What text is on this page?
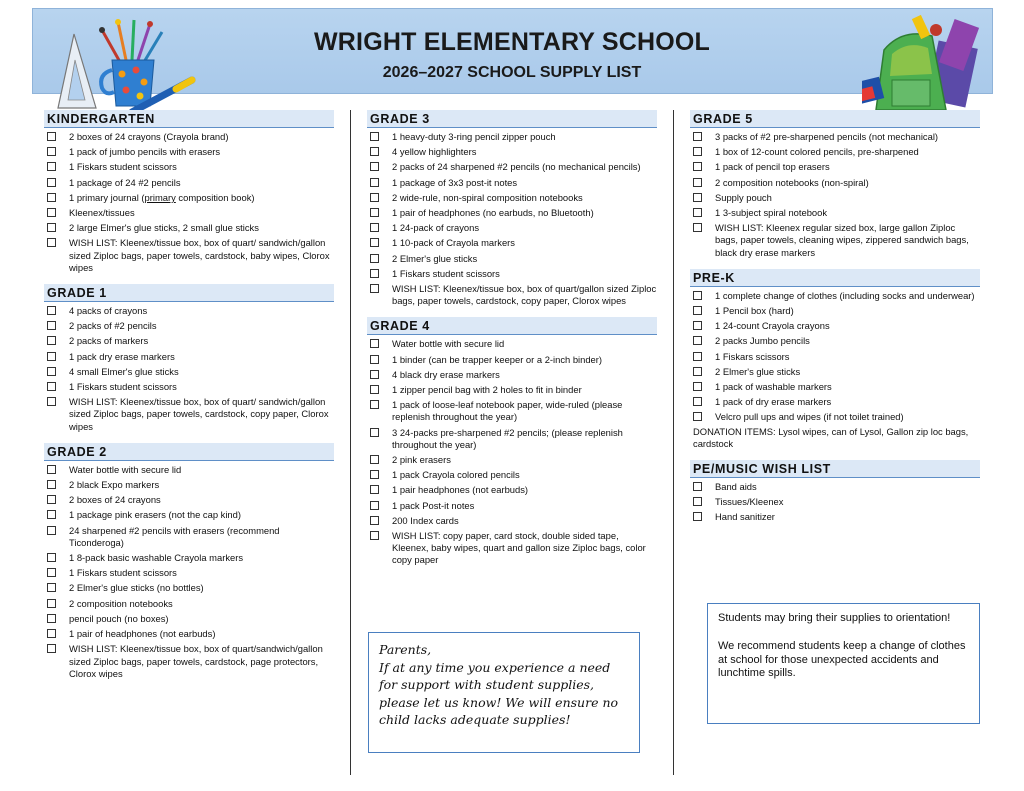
WRIGHT ELEMENTARY SCHOOL
2026–2027 SCHOOL SUPPLY LIST
KINDERGARTEN
2 boxes of 24 crayons (Crayola brand)
1 pack of jumbo pencils with erasers
1 Fiskars student scissors
1 package of 24 #2 pencils
1 primary journal (primary composition book)
Kleenex/tissues
2 large Elmer's glue sticks, 2 small glue sticks
WISH LIST: Kleenex/tissue box, box of quart/ sandwich/gallon sized Ziploc bags, paper towels, cardstock, baby wipes, Clorox wipes
GRADE 1
4 packs of crayons
2 packs of #2 pencils
2 packs of markers
1 pack dry erase markers
4 small Elmer's glue sticks
1 Fiskars student scissors
WISH LIST: Kleenex/tissue box, box of quart/ sandwich/gallon sized Ziploc bags, paper towels, cardstock, copy paper, Clorox wipes
GRADE 2
Water bottle with secure lid
2 black Expo markers
2 boxes of 24 crayons
1 package pink erasers (not the cap kind)
24 sharpened #2 pencils with erasers (recommend Ticonderoga)
1 8-pack basic washable Crayola markers
1 Fiskars student scissors
2 Elmer's glue sticks (no bottles)
2 composition notebooks
pencil pouch (no boxes)
1 pair of headphones (not earbuds)
WISH LIST: Kleenex/tissue box, box of quart/sandwich/gallon sized Ziploc bags, paper towels, cardstock, page protectors, Clorox wipes
GRADE 3
1 heavy-duty 3-ring pencil zipper pouch
4 yellow highlighters
2 packs of 24 sharpened #2 pencils (no mechanical pencils)
1 package of 3x3 post-it notes
2 wide-rule, non-spiral composition notebooks
1 pair of headphones (no earbuds, no Bluetooth)
1 24-pack of crayons
1 10-pack of Crayola markers
2 Elmer's glue sticks
1 Fiskars student scissors
WISH LIST: Kleenex/tissue box, box of quart/gallon sized Ziploc bags, paper towels, cardstock, copy paper, Clorox wipes
GRADE 4
Water bottle with secure lid
1 binder (can be trapper keeper or a 2-inch binder)
4 black dry erase markers
1 zipper pencil bag with 2 holes to fit in binder
1 pack of loose-leaf notebook paper, wide-ruled (please replenish throughout the year)
3 24-packs pre-sharpened #2 pencils; (please replenish throughout the year)
2 pink erasers
1 pack Crayola colored pencils
1 pair headphones (not earbuds)
1 pack Post-it notes
200 Index cards
WISH LIST: copy paper, card stock, double sided tape, Kleenex, baby wipes, quart and gallon size Ziploc bags, color copy paper
GRADE 5
3 packs of #2 pre-sharpened pencils (not mechanical)
1 box of 12-count colored pencils, pre-sharpened
1 pack of pencil top erasers
2 composition notebooks (non-spiral)
Supply pouch
1 3-subject spiral notebook
WISH LIST: Kleenex regular sized box, large gallon Ziploc bags, paper towels, cleaning wipes, zippered sandwich bags, black dry erase markers
PRE-K
1 complete change of clothes (including socks and underwear)
1 Pencil box (hard)
1 24-count Crayola crayons
2 packs Jumbo pencils
1 Fiskars scissors
2 Elmer's glue sticks
1 pack of washable markers
1 pack of dry erase markers
Velcro pull ups and wipes (if not toilet trained)
DONATION ITEMS: Lysol wipes, can of Lysol, Gallon zip loc bags, cardstock
PE/MUSIC WISH LIST
Band aids
Tissues/Kleenex
Hand sanitizer

Students may bring their supplies to orientation!

We recommend students keep a change of clothes at school for those unexpected accidents and lunchtime spills.

Parents,
If at any time you experience a need for support with student supplies, please let us know! We will ensure no child lacks adequate supplies!
